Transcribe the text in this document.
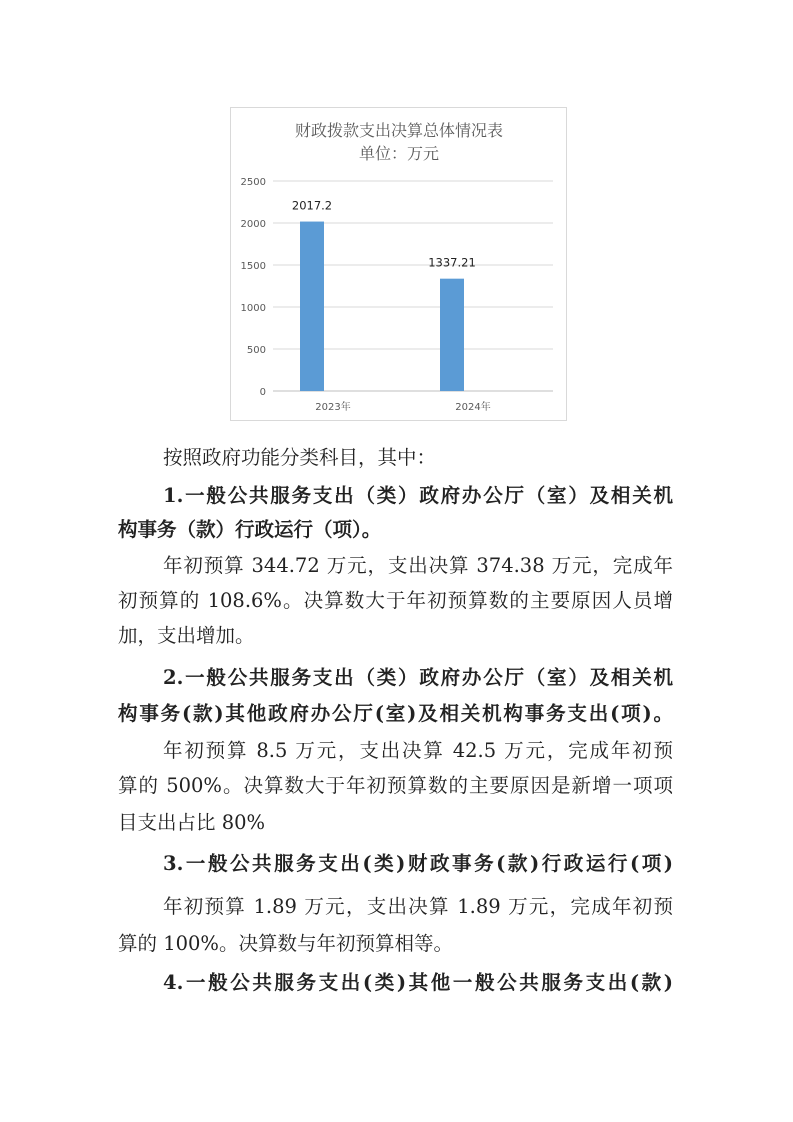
财政拨款支出决算总体情况表
单位：万元
0
500
1000
1500
2000
2500
2017.2
2023年
1337.21
2024年
按照政府功能分类科目，其中：
1.一般公共服务支出（类）政府办公厅（室）及相关机
构事务（款）行政运行（项）。
年初预算 344.72 万元，支出决算 374.38 万元，完成年
初预算的 108.6%。决算数大于年初预算数的主要原因人员增
加，支出增加。
2.一般公共服务支出（类）政府办公厅（室）及相关机
构事务(款)其他政府办公厅(室)及相关机构事务支出(项)。
年初预算 8.5 万元，支出决算 42.5 万元，完成年初预
算的 500%。决算数大于年初预算数的主要原因是新增一项项
目支出占比 80%
3.一般公共服务支出(类)财政事务(款)行政运行(项)
年初预算 1.89 万元，支出决算 1.89 万元，完成年初预
算的 100%。决算数与年初预算相等。
4.一般公共服务支出(类)其他一般公共服务支出(款)
